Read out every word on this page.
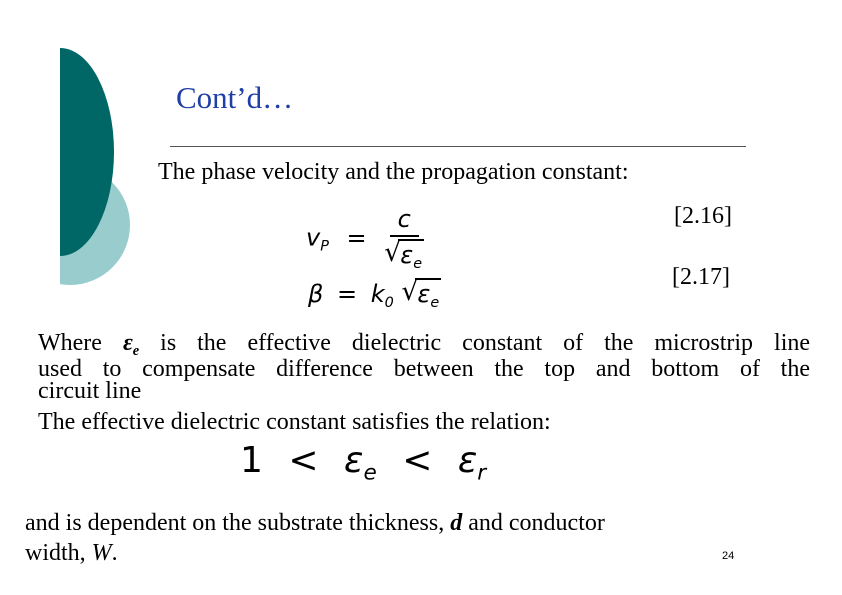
Cont’d…
The phase velocity and the propagation constant:
$v_P = \frac{c}{√ \varepsilon_e}$	[2.16]
$\beta = k_0$ √ $\varepsilon_e$
[2.17]
Where $\varepsilon_e$ is the effective dielectric constant of the microstrip line
used to compensate difference between the top and bottom of the
circuit line
The effective dielectric constant satisfies the relation:
$1 < \varepsilon_e < \varepsilon_r$
and is dependent on the substrate thickness, d and conductor
width, W.	24
